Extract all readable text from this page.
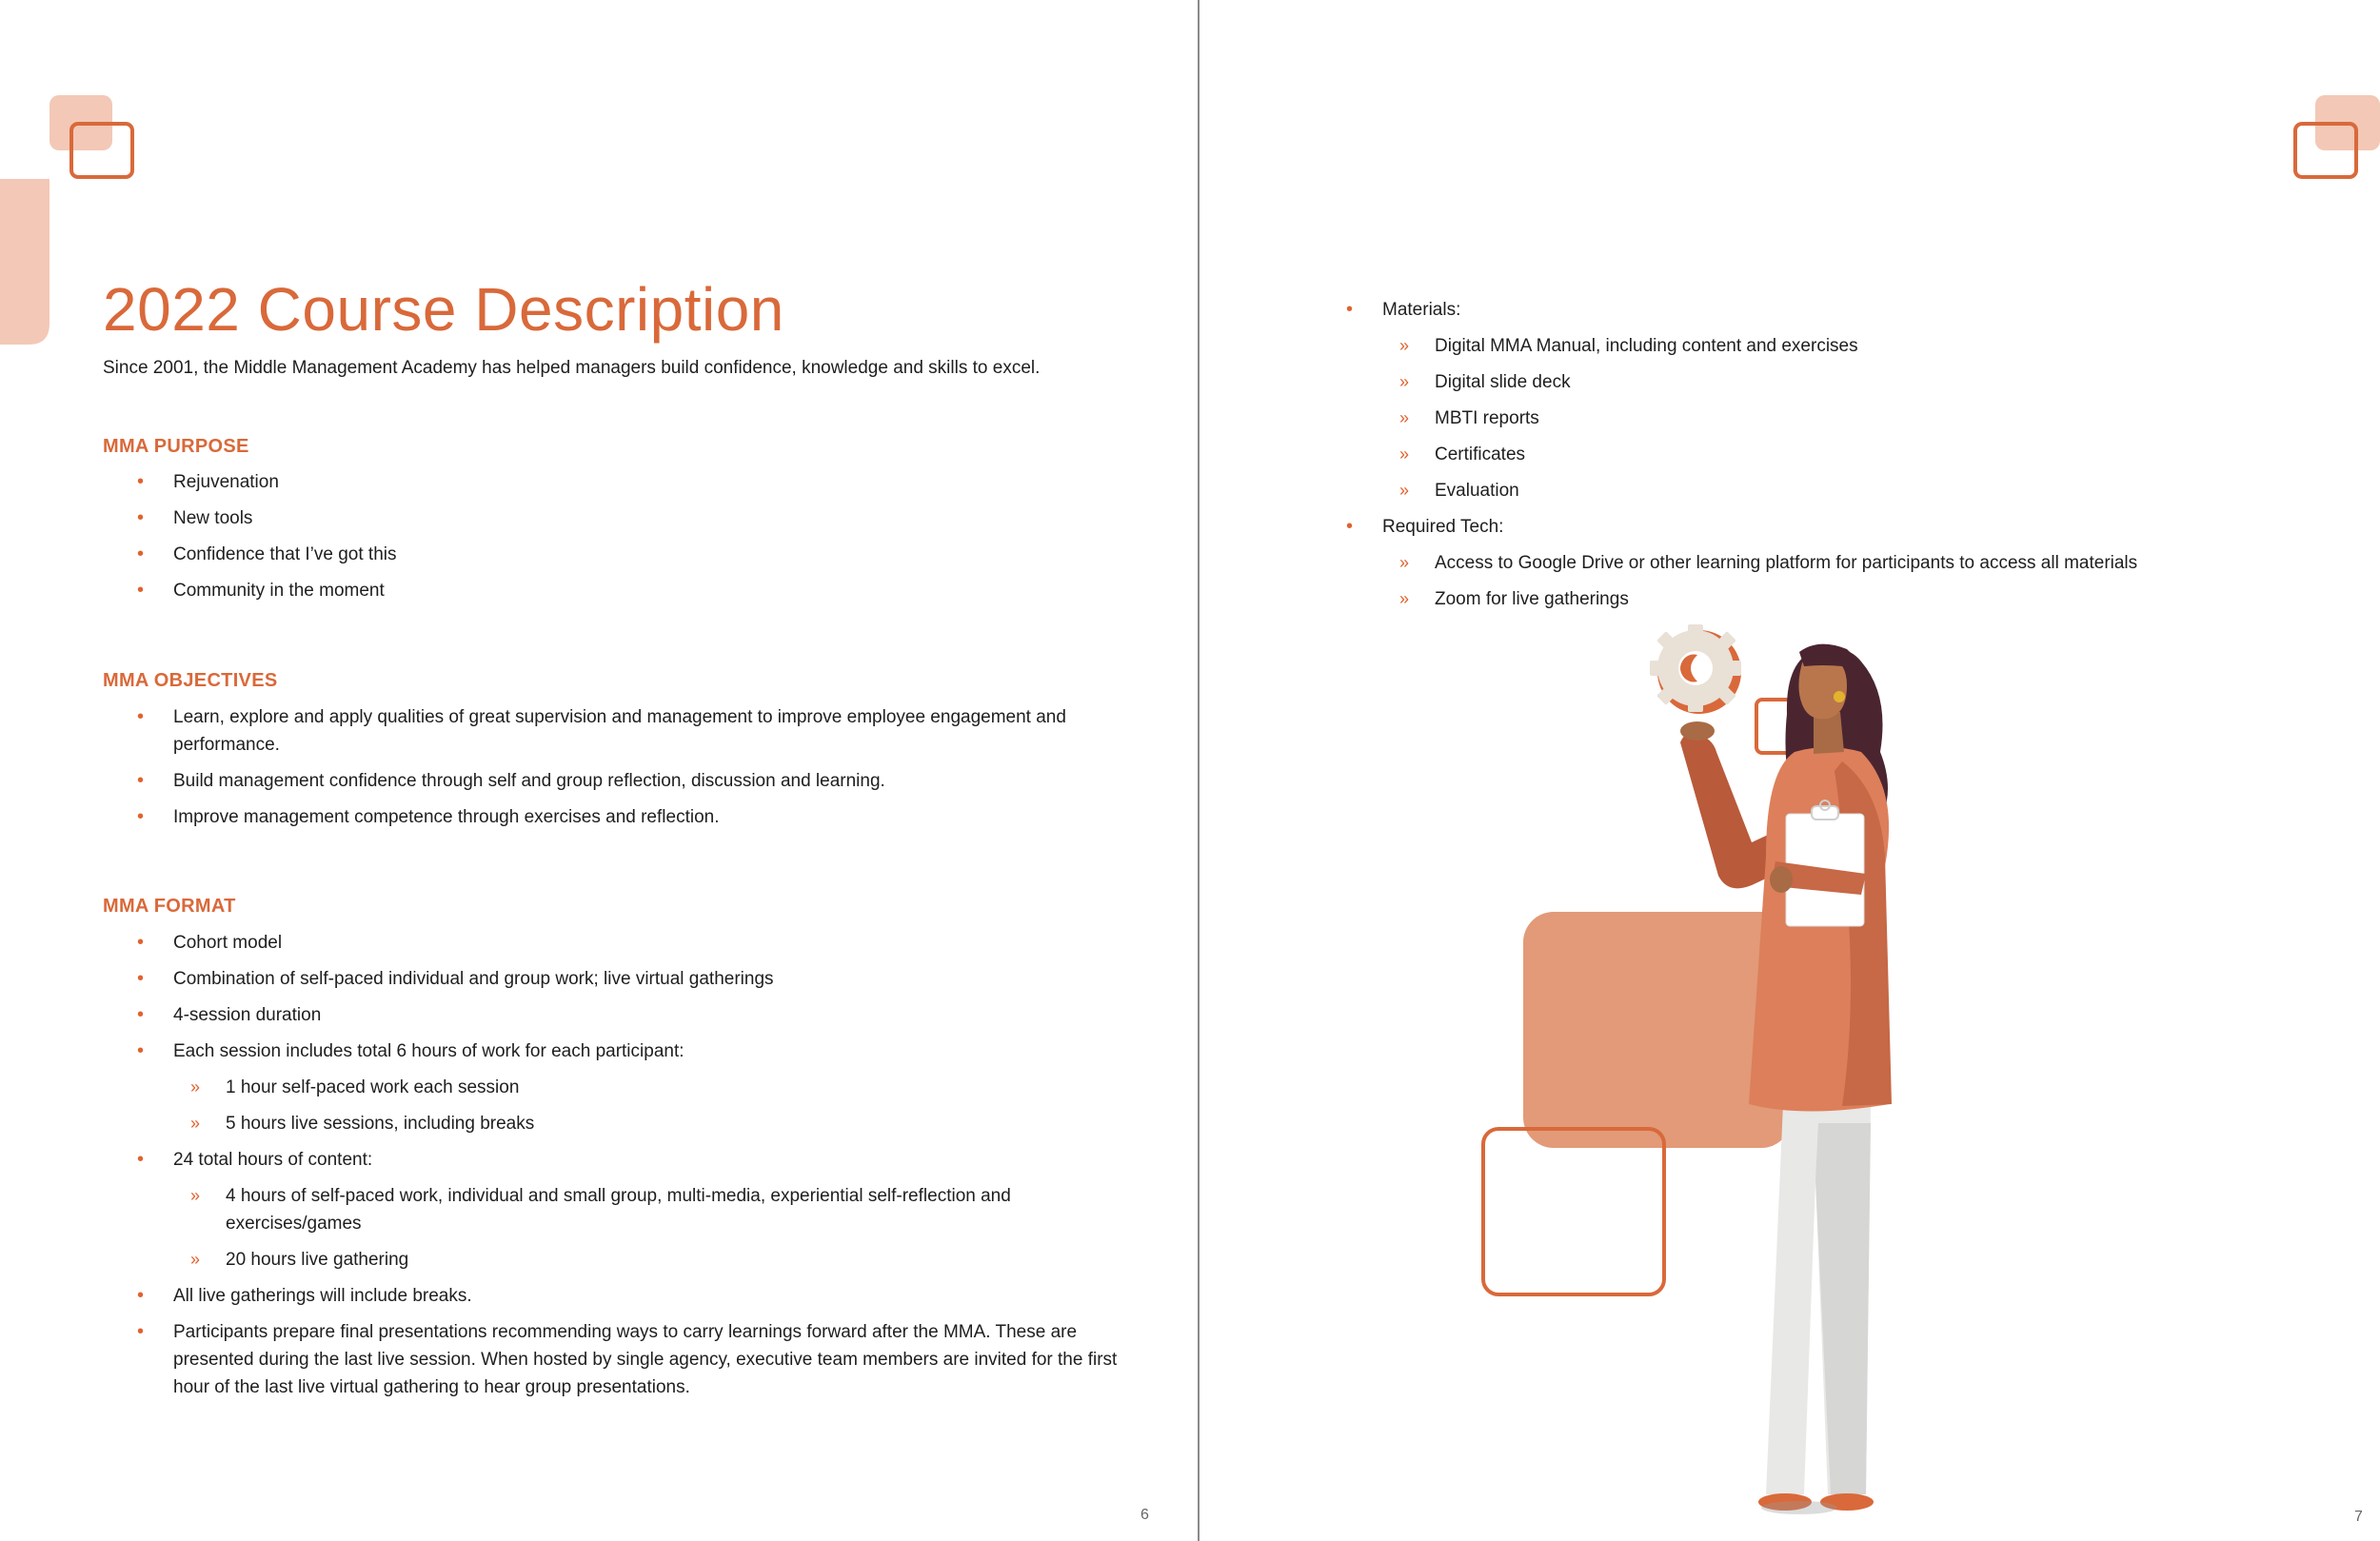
2022 Course Description

Since 2001, the Middle Management Academy has helped managers build confidence, knowledge and skills to excel.

MMA PURPOSE
• Rejuvenation
• New tools
• Confidence that I’ve got this
• Community in the moment
MMA OBJECTIVES
• Learn, explore and apply qualities of great supervision and management to improve employee engagement and performance.
• Build management confidence through self and group reflection, discussion and learning.
• Improve management competence through exercises and reflection.
MMA FORMAT
• Cohort model
• Combination of self-paced individual and group work; live virtual gatherings
• 4-session duration
• Each session includes total 6 hours of work for each participant:
» 1 hour self-paced work each session
» 5 hours live sessions, including breaks
• 24 total hours of content:
» 4 hours of self-paced work, individual and small group, multi-media, experiential self-reflection and exercises/games
» 20 hours live gathering
• All live gatherings will include breaks.
• Participants prepare final presentations recommending ways to carry learnings forward after the MMA. These are presented during the last live session. When hosted by single agency, executive team members are invited for the first hour of the last live virtual gathering to hear group presentations.
6
• Materials:
» Digital MMA Manual, including content and exercises
» Digital slide deck
» MBTI reports
» Certificates
» Evaluation
• Required Tech:
» Access to Google Drive or other learning platform for participants to access all materials
» Zoom for live gatherings
7
